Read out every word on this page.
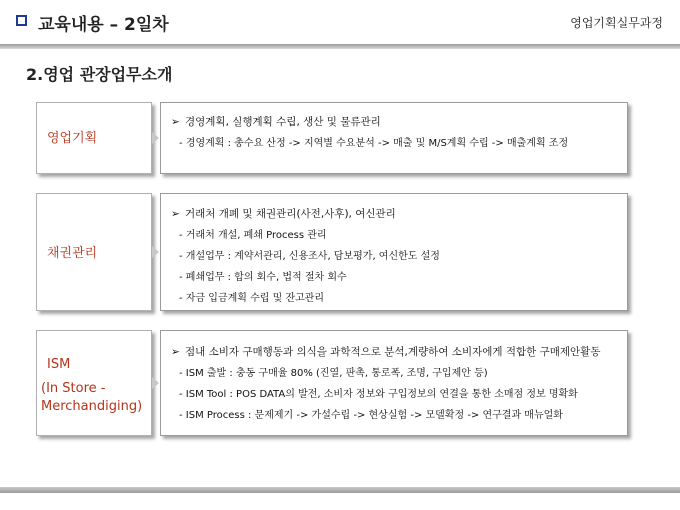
교육내용 – 2일차	영업기획실무과정
2.영업 관장업무소개
영업기획
➢ 경영계획, 실행계획 수립, 생산 및 물류관리
- 경영계획 : 총수요 산정 -> 지역별 수요분석 -> 매출 및 M/S계획 수립 -> 매출계획 조정
채권관리
➢ 거래처 개폐 및 채권관리(사전,사후), 여신관리
- 거래처 개설, 폐쇄 Process 관리
- 개설업무 : 계약서관리, 신용조사, 담보평가, 여신한도 설정
- 폐쇄업무 : 합의 회수, 법적 절차 회수
- 자금 입금계획 수립 및 잔고관리
ISM
(In Store -
Merchandiging)
➢ 점내 소비자 구매행동과 의식을 과학적으로 분석,계량하여 소비자에게 적합한 구매제안활동
- ISM 출발 : 충동 구매율 80% (진열, 판촉, 통로폭, 조명, 구입제안 등)
- ISM Tool : POS DATA의 발전, 소비자 정보와 구입정보의 연결을 통한 소매점 정보 명확화
- ISM Process : 문제제기 -> 가설수립 -> 현상실험 -> 모델확정 -> 연구결과 매뉴얼화
